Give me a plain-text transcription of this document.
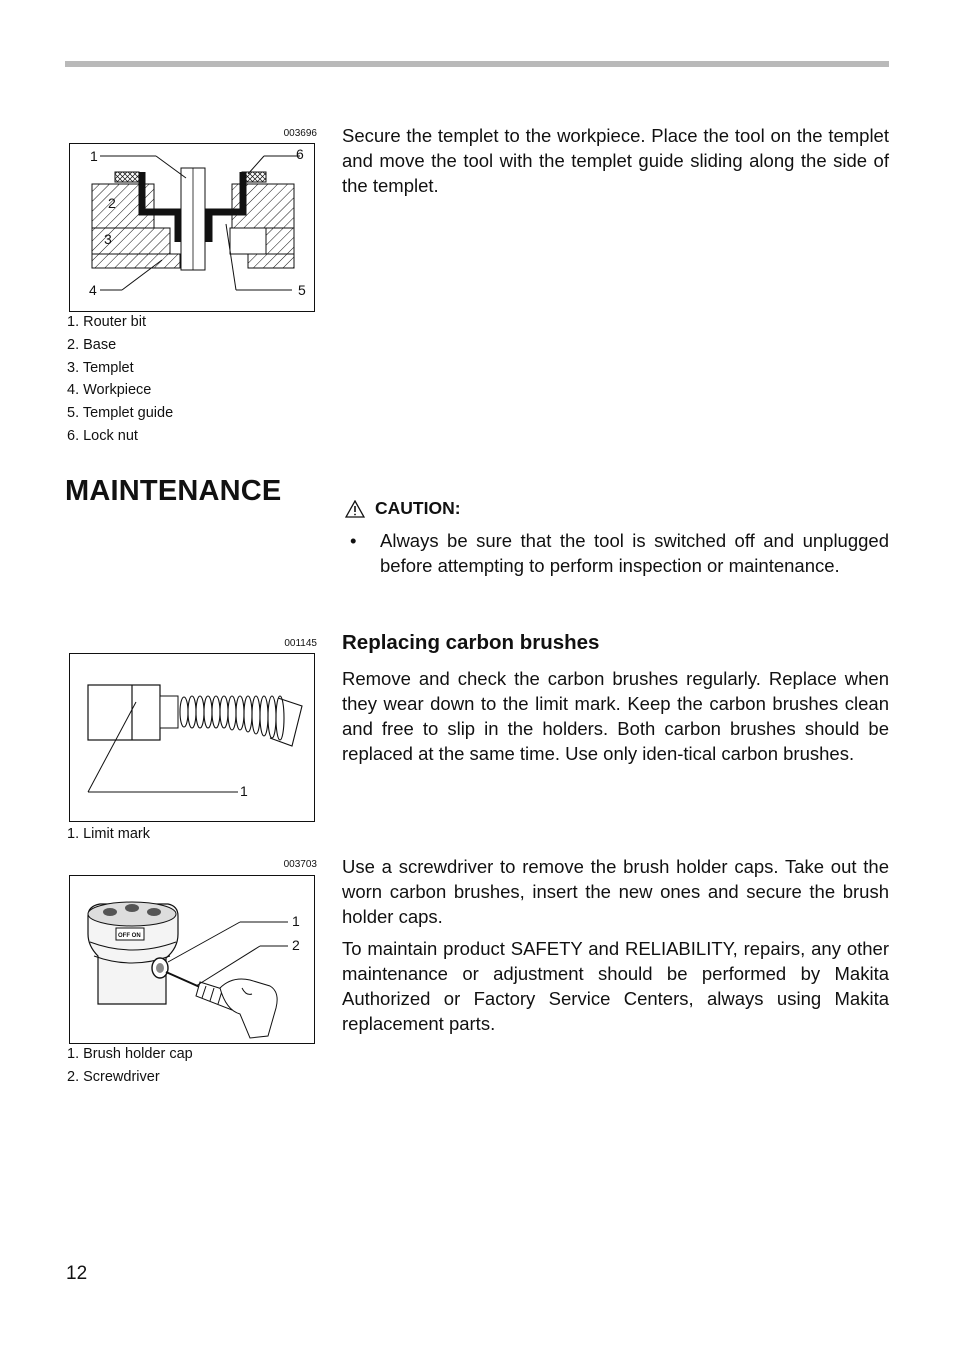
003696
1
2
3
4	5
6
1. Router bit
2. Base
3. Templet
4. Workpiece
5. Templet guide
6. Lock nut

Secure the templet to the workpiece. Place the tool on the templet and move the tool with the templet guide sliding along the side of the templet.

MAINTENANCE
CAUTION:
•	Always be sure that the tool is switched off and unplugged before attempting to perform inspection or maintenance.
001145
1
1. Limit mark
Replacing carbon brushes

Remove and check the carbon brushes regularly. Replace when they wear down to the limit mark. Keep the carbon brushes clean and free to slip in the holders. Both carbon brushes should be replaced at the same time. Use only iden-tical carbon brushes.

003703
OFF ON
1
2
1. Brush holder cap
2. Screwdriver

Use a screwdriver to remove the brush holder caps. Take out the worn carbon brushes, insert the new ones and secure the brush holder caps.

To maintain product SAFETY and RELIABILITY, repairs, any other maintenance or adjustment should be performed by Makita Authorized or Factory Service Centers, always using Makita replacement parts.

12
